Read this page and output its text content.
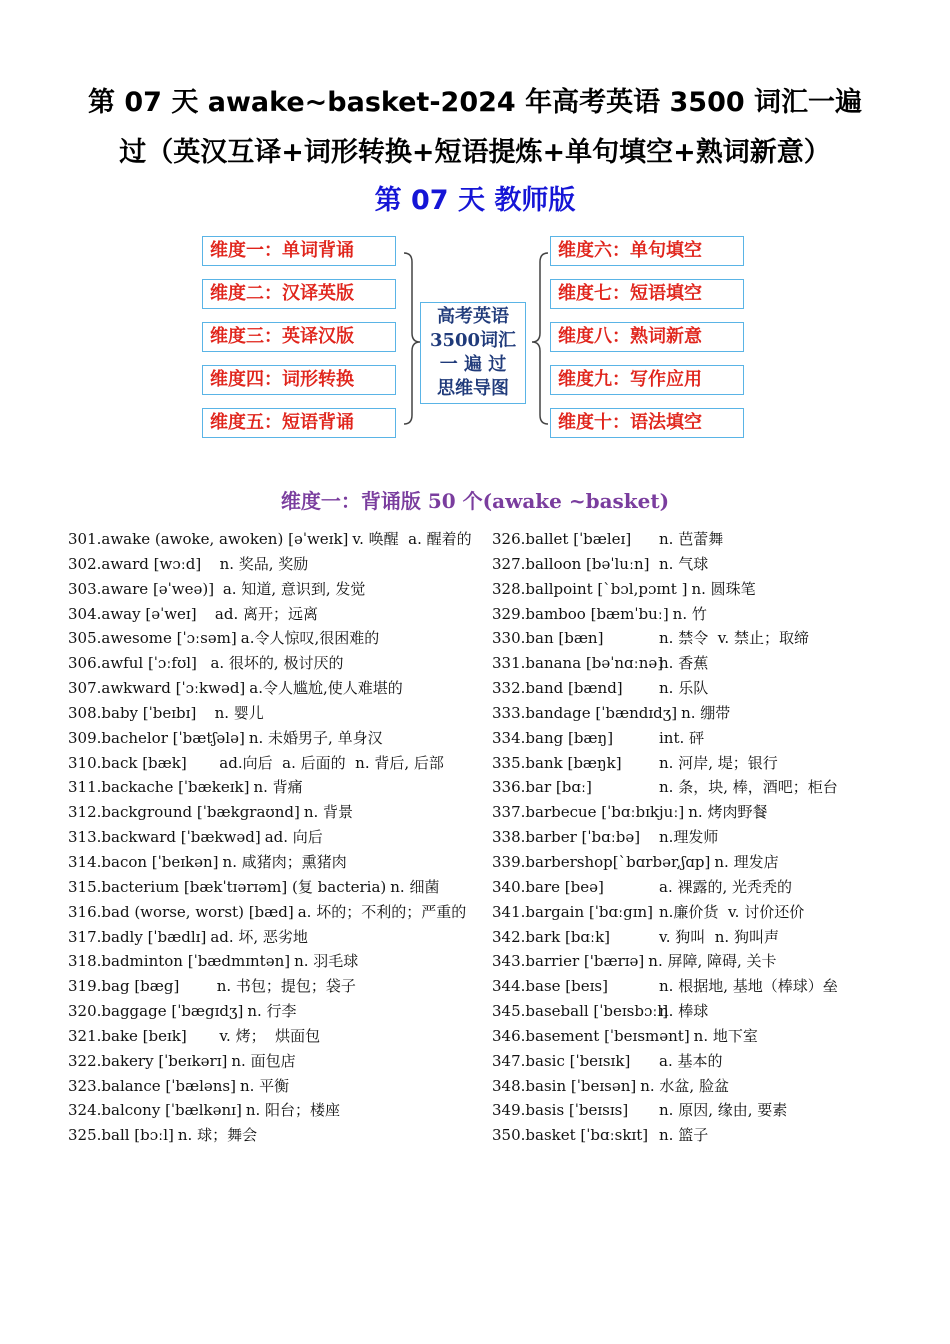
第 07 天 awake~basket-2024 年高考英语 3500 词汇一遍
过（英汉互译+词形转换+短语提炼+单句填空+熟词新意）
第 07 天 教师版
维度一：单词背诵
维度二：汉译英版
维度三：英译汉版
维度四：词形转换
维度五：短语背诵
维度六：单句填空
维度七：短语填空
维度八：熟词新意
维度九：写作应用
维度十：语法填空
高考英语
3500词汇
一 遍 过
思维导图
维度一：背诵版 50 个(awake ~basket)
301.awake (awoke, awoken) [əˈweɪk] v. 唤醒  a. 醒着的
302.award [wɔːd]   n. 奖品, 奖励
303.aware [əˈweə)] a. 知道, 意识到, 发觉
304.away [əˈweɪ]   ad. 离开；远离
305.awesome [ˈɔːsəm] a.令人惊叹,很困难的
306.awful [ˈɔːfʊl]  a. 很坏的, 极讨厌的
307.awkward [ˈɔːkwəd] a.令人尴尬,使人难堪的
308.baby [ˈbeɪbɪ]   n. 婴儿
309.bachelor [ˈbætʃələ] n. 未婚男子, 单身汉
310.back [bæk]      ad.向后  a. 后面的  n. 背后, 后部
311.backache [ˈbækeɪk] n. 背痛
312.background [ˈbækgraʊnd] n. 背景
313.backward [ˈbækwəd] ad. 向后
314.bacon [ˈbeɪkən] n. 咸猪肉；熏猪肉
315.bacterium [bækˈtɪərɪəm] (复 bacteria) n. 细菌
316.bad (worse, worst) [bæd] a. 坏的；不利的；严重的
317.badly [ˈbædlɪ] ad. 坏, 恶劣地
318.badminton [ˈbædmɪntən] n. 羽毛球
319.bag [bæg]       n. 书包；提包；袋子
320.baggage [ˈbægɪdʒ] n. 行李
321.bake [beɪk]      v. 烤；  烘面包
322.bakery [ˈbeɪkərɪ] n. 面包店
323.balance [ˈbæləns] n. 平衡
324.balcony [ˈbælkənɪ] n. 阳台；楼座
325.ball [bɔːl] n. 球；舞会
326.ballet [ˈbæleɪ] n. 芭蕾舞
327.balloon [bəˈluːn] n. 气球
328.ballpoint [ˋbɔl,pɔɪnt ] n. 圆珠笔
329.bamboo [bæmˈbuː] n. 竹
330.ban [bæn]	n. 禁令  v. 禁止；取缔
331.banana [bəˈnɑːnə]
n. 香蕉
332.band [bænd] n. 乐队
333.bandage [ˈbændɪdʒ] n. 绷带
334.bang [bæŋ]	int. 砰
335.bank [bæŋk] n. 河岸, 堤；银行
336.bar [bɑː]	n. 条，块, 棒，酒吧；柜台
337.barbecue [ˈbɑːbɪkjuː] n. 烤肉野餐
338.barber [ˈbɑːbə] n.理发师
339.barbershop[ˋbɑrbər,ʃɑp] n. 理发店
340.bare [beə]	a. 裸露的, 光秃秃的
341.bargain [ˈbɑːgɪn] n.廉价货  v. 讨价还价
342.bark [bɑːk]	v. 狗叫  n. 狗叫声
343.barrier ['bærɪə] n. 屏障, 障碍, 关卡
344.base [beɪs]	n. 根据地, 基地（棒球）垒
345.baseball [ˈbeɪsbɔːl]
n. 棒球
346.basement [ˈbeɪsmənt] n. 地下室
347.basic [ˈbeɪsɪk] a. 基本的
348.basin [ˈbeɪsən] n. 水盆, 脸盆
349.basis [ˈbeɪsɪs] n. 原因, 缘由, 要素
350.basket [ˈbɑːskɪt] n. 篮子
